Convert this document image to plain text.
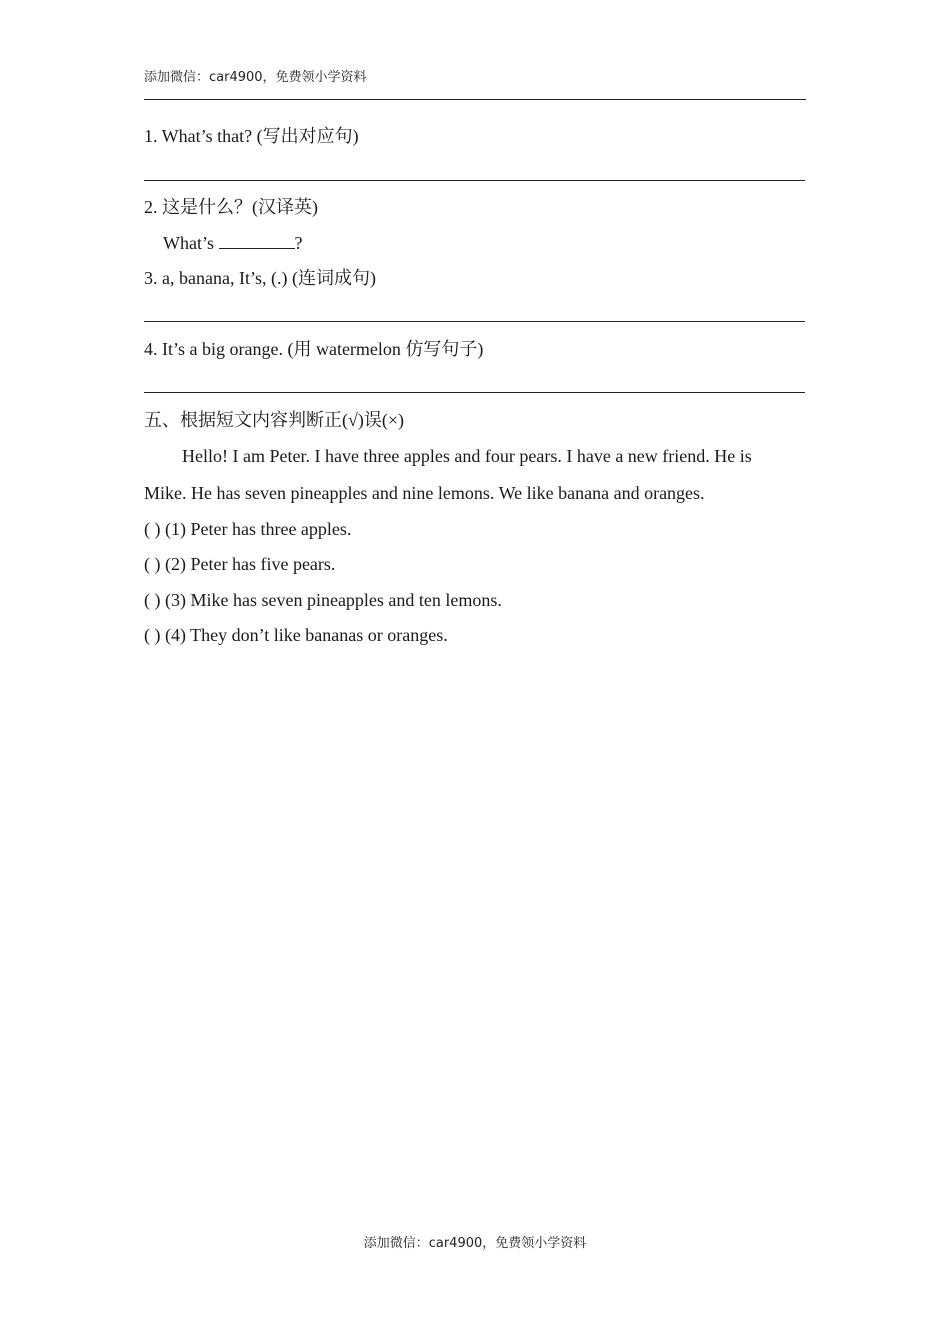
添加微信：car4900，免费领小学资料
1. What’s that? (写出对应句)
2. 这是什么？(汉译英)
What’s	?
3. a, banana, It’s, (.) (连词成句)
4. It’s a big orange. (用 watermelon 仿写句子)
五、根据短文内容判断正(√)误(×)
Hello! I am Peter. I have three apples and four pears. I have a new friend. He is
Mike. He has seven pineapples and nine lemons. We like banana and oranges.
( ) (1) Peter has three apples.
( ) (2) Peter has five pears.
( ) (3) Mike has seven pineapples and ten lemons.
( ) (4) They don’t like bananas or oranges.
添加微信：car4900，免费领小学资料
